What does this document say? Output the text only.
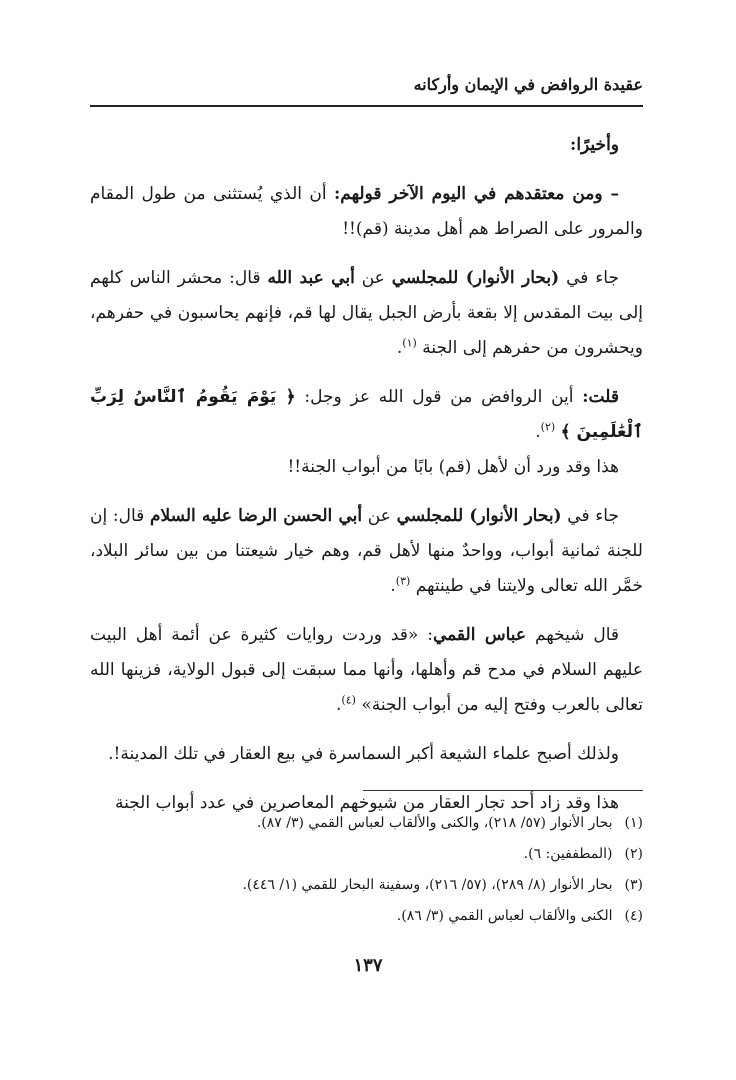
عقيدة الروافض في الإيمان وأركانه

وأخيرًا:

– ومن معتقدهم في اليوم الآخر قولهم: أن الذي يُستثنى من طول المقام والمرور على الصراط هم أهل مدينة (قم)!!

جاء في (بحار الأنوار) للمجلسي عن أبي عبد الله قال: محشر الناس كلهم إلى بيت المقدس إلا بقعة بأرض الجبل يقال لها قم، فإنهم يحاسبون في حفرهم، ويحشرون من حفرهم إلى الجنة $^{(١)}$.

قلت: أين الروافض من قول الله عز وجل: ﴿ يَوْمَ يَقُومُ ٱلنَّاسُ لِرَبِّ ٱلْعَٰلَمِينَ ﴾ $^{(٢)}$.

هذا وقد ورد أن لأهل (قم) بابًا من أبواب الجنة!!

جاء في (بحار الأنوار) للمجلسي عن أبي الحسن الرضا عليه السلام قال: إن للجنة ثمانية أبواب، وواحدٌ منها لأهل قم، وهم خيار شيعتنا من بين سائر البلاد، خمَّر الله تعالى ولايتنا في طينتهم $^{(٣)}$.

قال شيخهم عباس القمي: «قد وردت روايات كثيرة عن أئمة أهل البيت عليهم السلام في مدح قم وأهلها، وأنها مما سبقت إلى قبول الولاية، فزينها الله تعالى بالعرب وفتح إليه من أبواب الجنة» $^{(٤)}$.

ولذلك أصبح علماء الشيعة أكبر السماسرة في بيع العقار في تلك المدينة!.

هذا وقد زاد أحد تجار العقار من شيوخهم المعاصرين في عدد أبواب الجنة

(١)بحار الأنوار (٥٧/ ٢١٨)، والكنى والألقاب لعباس القمي (٣/ ٨٧).

(٢)(المطففين: ٦).

(٣)بحار الأنوار (٨/ ٢٨٩)، (٥٧/ ٢١٦)، وسفينة البحار للقمي (١/ ٤٤٦).

(٤)الكنى والألقاب لعباس القمي (٣/ ٨٦).

١٣٧
